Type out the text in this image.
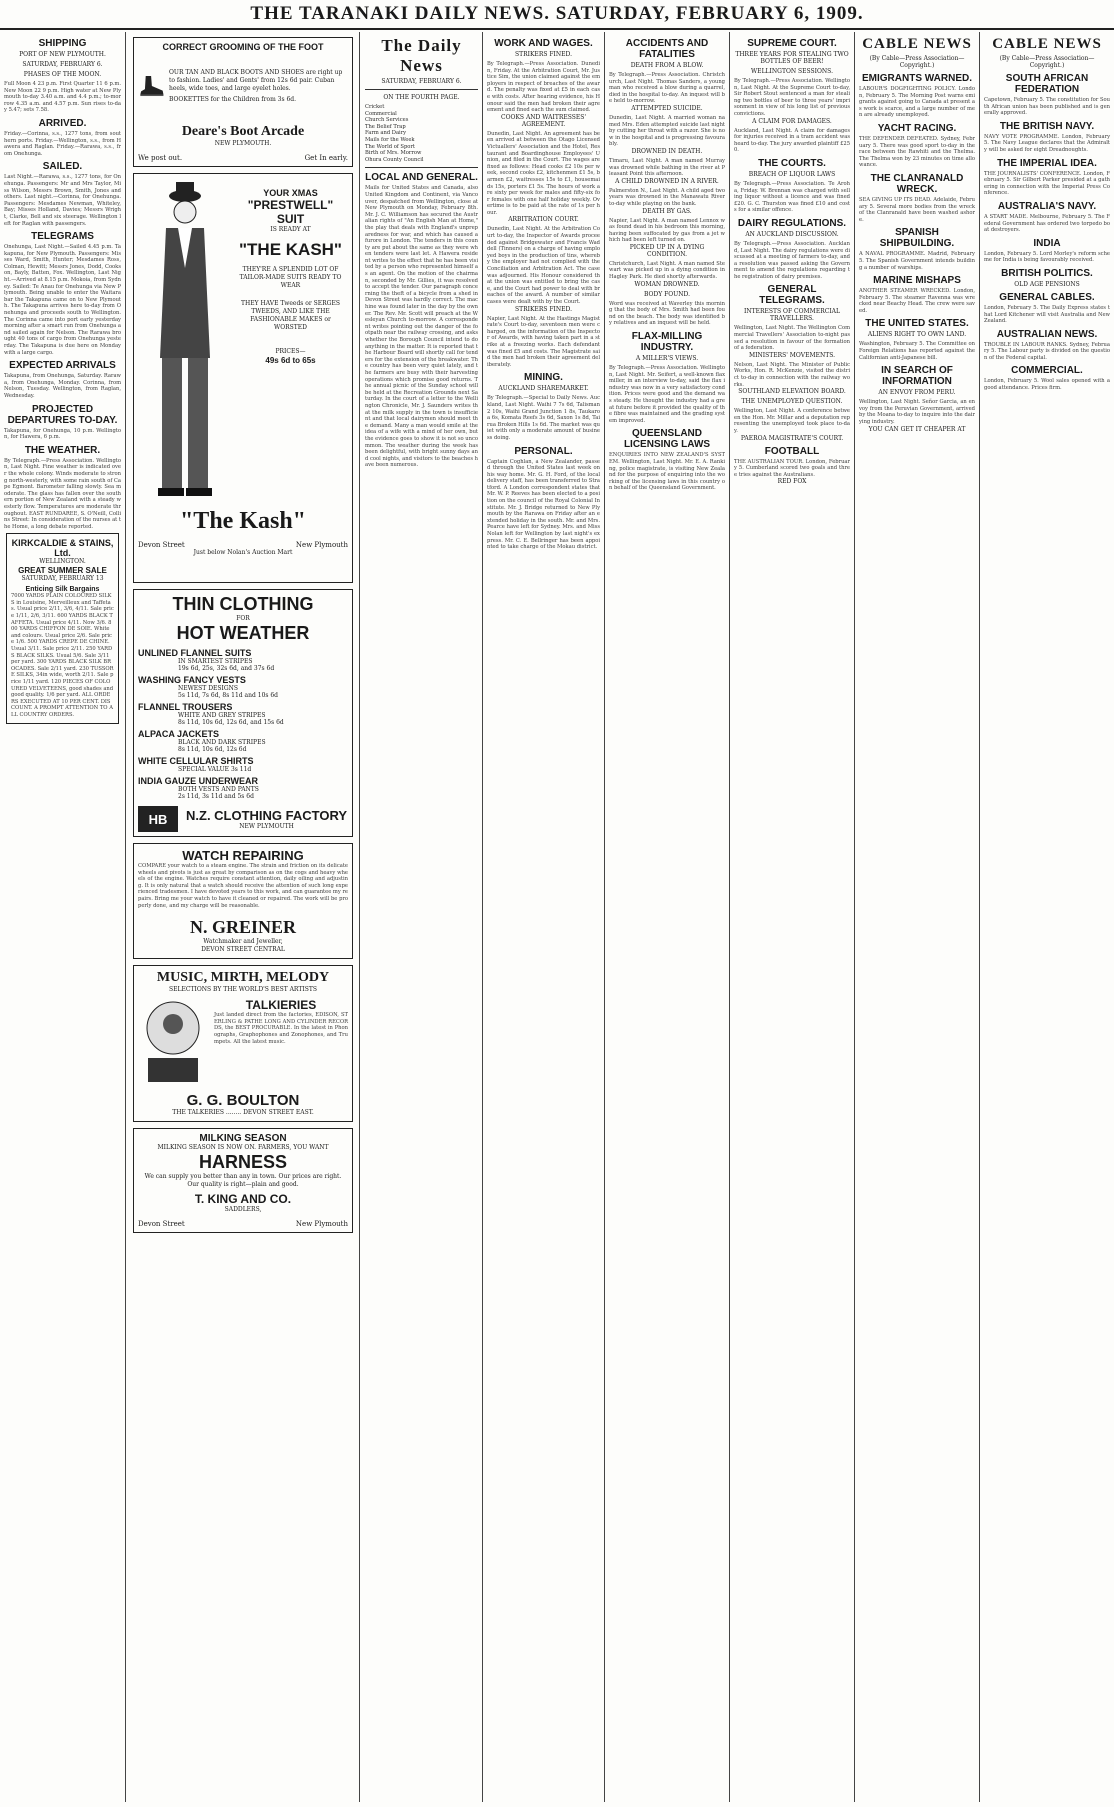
THE TARANAKI DAILY NEWS. SATURDAY, FEBRUARY 6, 1909.
SHIPPING
PORT OF NEW PLYMOUTH.
SATURDAY, FEBRUARY 6.
PHASES OF THE MOON.
Full Moon 4 23 p.m. First Quarter 11 6 p.m. New Moon 22 9 p.m. High water at New Plymouth to-day 3.40 a.m. and 4.4 p.m.; to-morrow 4.35 a.m. and 4.57 p.m. Sun rises to-day 5.47; sets 7.58.
ARRIVED.
Friday.—Corinna, s.s., 1277 tons, from southern ports. Friday.—Wellington, s.s., from Hawera and Raglan. Friday.—Rarawa, s.s., from Onehunga.
SAILED.
Last Night.—Rarawa, s.s., 1277 tons, for Onehunga. Passengers: Mr and Mrs Taylor, Miss Wilson, Messrs Brown, Smith, Jones and others. Last night.—Corinna, for Onehunga. Passengers: Mesdames Newman, Whiteley, Bay; Misses Holland, Davies; Messrs Wright, Clarke, Bell and six steerage. Wellington left for Raglan with passengers.
TELEGRAMS
Onehunga, Last Night.—Sailed 4.45 p.m. Takapuna, for New Plymouth. Passengers: Misses Ward, Smith, Hunter; Mesdames Ross, Colman, Hewitt; Messrs Jones, Dodd, Cookson, Bayly, Batten, Fox. Wellington, Last Night.—Arrived at 8.15 p.m. Mokoia, from Sydney. Sailed: Te Anau for Onehunga via New Plymouth. Being unable to enter the Waitara bar the Takapuna came on to New Plymouth. The Takapuna arrives here to-day from Onehunga and proceeds south to Wellington. The Corinna came into port early yesterday morning after a smart run from Onehunga and sailed again for Nelson. The Rarawa brought 40 tons of cargo from Onehunga yesterday. The Takapuna is due here on Monday with a large cargo.
EXPECTED ARRIVALS
Takapuna, from Onehunga, Saturday. Rarawa, from Onehunga, Monday. Corinna, from Nelson, Tuesday. Wellington, from Raglan, Wednesday.
PROJECTED DEPARTURES TO-DAY.
Takapuna, for Onehunga, 10 p.m. Wellington, for Hawera, 6 p.m.
THE WEATHER.
By Telegraph.—Press Association. Wellington, Last Night. Fine weather is indicated over the whole colony. Winds moderate to strong north-westerly, with some rain south of Cape Egmont. Barometer falling slowly. Sea moderate. The glass has fallen over the southern portion of New Zealand with a steady westerly flow. Temperatures are moderate throughout. EAST RUNDAREE, S. O'Neill, Collins Street: In consideration of the nurses at the Home, a long debate reported.
KIRKCALDIE & STAINS, Ltd.
WELLINGTON.
GREAT SUMMER SALE
SATURDAY, FEBRUARY 13
Enticing Silk Bargains
7000 YARDS PLAIN COLOURED SILKS in Louisine, Merveilleux and Taffetas. Usual price 2/11, 3/6, 4/11. Sale price 1/11, 2/6, 3/11. 600 YARDS BLACK TAFFETA. Usual price 4/11. Now 3/6. 800 YARDS CHIFFON DE SOIE. White and colours. Usual price 2/6. Sale price 1/6. 500 YARDS CREPE DE CHINE. Usual 3/11. Sale price 2/11. 250 YARDS BLACK SILKS. Usual 5/6. Sale 3/11 per yard. 300 YARDS BLACK SILK BROCADES. Sale 2/11 yard. 230 TUSSORE SILKS, 34in wide, worth 2/11. Sale price 1/11 yard. 120 PIECES OF COLOURED VELVETEENS, good shades and good quality. 1/6 per yard. ALL ORDERS EXECUTED AT 10 PER CENT. DISCOUNT. A PROMPT ATTENTION TO ALL COUNTRY ORDERS.
CORRECT GROOMING OF THE FOOT
OUR TAN AND BLACK BOOTS AND SHOES are right up to fashion. Ladies' and Gents' from 12s 6d pair. Cuban heels, wide toes, and large eyelet holes.
BOOKETTES for the Children from 3s 6d.
Deare's Boot Arcade
NEW PLYMOUTH.
We post out.	Get In early.
YOUR XMAS
"PRESTWELL"
SUIT
IS READY AT
"THE KASH"
THEY'RE A SPLENDID LOT OF TAILOR-MADE SUITS READY TO WEAR
THEY HAVE Tweeds or SERGES TWEEDS, AND LIKE THE FASHIONABLE MAKES or WORSTED
PRICES—
49s 6d to 65s
"The Kash"
Devon Street	New Plymouth
Just below Nolan's Auction Mart
THIN CLOTHING
FOR
HOT WEATHER
UNLINED FLANNEL SUITS
IN SMARTEST STRIPES
19s 6d, 25s, 32s 6d, and 37s 6d
WASHING FANCY VESTS
NEWEST DESIGNS
5s 11d, 7s 6d, 8s 11d and 10s 6d
FLANNEL TROUSERS
WHITE AND GREY STRIPES
8s 11d, 10s 6d, 12s 6d, and 15s 6d
ALPACA JACKETS
BLACK AND DARK STRIPES
8s 11d, 10s 6d, 12s 6d
WHITE CELLULAR SHIRTS
SPECIAL VALUE 3s 11d
INDIA GAUZE UNDERWEAR
BOTH VESTS AND PANTS
2s 11d, 3s 11d and 5s 6d
HB N.Z. CLOTHING FACTORY
NEW PLYMOUTH
WATCH REPAIRING
COMPARE your watch to a steam engine. The strain and friction on its delicate wheels and pivots is just as great by comparison as on the cogs and heavy wheels of the engine. Watches require constant attention, daily oiling and adjusting. It is only natural that a watch should receive the attention of such long experienced tradesmen. I have devoted years to this work, and can guarantee my repairs. Bring me your watch to have it cleaned or repaired. The work will be properly done, and my charge will be reasonable.
N. GREINER
Watchmaker and Jeweller,
DEVON STREET CENTRAL
MUSIC, MIRTH, MELODY
SELECTIONS BY THE WORLD'S BEST ARTISTS
TALKIERIES
Just landed direct from the factories, EDISON, STERLING & PATHE LONG AND CYLINDER RECORDS, the BEST PROCURABLE. In the latest in Phonographs, Graphophones and Zonophones, and Trumpets. All the latest music.
G. G. BOULTON
THE TALKERIES ........ DEVON STREET EAST.
MILKING SEASON
MILKING SEASON IS NOW ON. FARMERS, YOU WANT
HARNESS
We can supply you better than any in town. Our prices are right. Our quality is right—plain and good.
T. KING AND CO.
SADDLERS,
Devon Street	New Plymouth
The Daily News
SATURDAY, FEBRUARY 6.
ON THE FOURTH PAGE.
Cricket
Commercial
Church Services
The Belief Trap
Farm and Dairy
Mails for the Week
The World of Sport
Birth of Mrs. Morrow
Ohura County Council
LOCAL AND GENERAL.
Mails for United States and Canada, also United Kingdom and Continent, via Vancouver, despatched from Wellington, close at New Plymouth on Monday, February 8th. Mr. J. C. Williamson has secured the Australian rights of "An English Man at Home," the play that deals with England's unpreparedness for war, and which has caused a furore in London. The tenders in this county are put about the same as they were when tenders were last let. A Hawera resident writes to the effect that he has been visited by a person who represented himself as an agent. On the motion of the chairman, seconded by Mr. Gillies, it was resolved to accept the tender. Our paragraph concerning the theft of a bicycle from a shed in Devon Street was hardly correct. The machine was found later in the day by the owner. The Rev. Mr. Scott will preach at the Wesleyan Church to-morrow. A correspondent writes pointing out the danger of the footpath near the railway crossing, and asks whether the Borough Council intend to do anything in the matter. It is reported that the Harbour Board will shortly call for tenders for the extension of the breakwater. The country has been very quiet lately, and the farmers are busy with their harvesting operations which promise good returns. The annual picnic of the Sunday school will be held at the Recreation Grounds next Saturday. In the court of a letter to the Wellington Chronicle, Mr. J. Saunders writes that the milk supply in the town is insufficient and that local dairymen should meet the demand. Many a man would smile at the idea of a wife with a mind of her own, but the evidence goes to show it is not so uncommon. The weather during the week has been delightful, with bright sunny days and cool nights, and visitors to the beaches have been numerous.
WORK AND WAGES.
STRIKERS FINED.
By Telegraph.—Press Association. Dunedin, Friday. At the Arbitration Court, Mr. Justice Sim, the union claimed against the employers in respect of breaches of the award. The penalty was fixed at £5 in each case with costs. After hearing evidence, his Honour said the men had broken their agreement and fined each the sum claimed.
COOKS AND WAITRESSES' AGREEMENT.
Dunedin, Last Night. An agreement has been arrived at between the Otago Licensed Victuallers' Association and the Hotel, Restaurant and Boardinghouse Employees' Union, and filed in the Court. The wages are fixed as follows: Head cooks £2 10s per week, second cooks £2, kitchenmen £1 5s, barmen £2, waitresses 15s to £1, housemaids 15s, porters £1 5s. The hours of work are sixty per week for males and fifty-six for females with one half holiday weekly. Overtime is to be paid at the rate of 1s per hour.
ARBITRATION COURT.
Dunedin, Last Night. At the Arbitration Court to-day, the Inspector of Awards proceeded against Bridgewater and Francis Waddell (Tinners) on a charge of having employed boys in the production of tins, whereby the employer had not complied with the Conciliation and Arbitration Act. The case was adjourned. His Honour considered that the union was entitled to bring the case, and the Court had power to deal with breaches of the award. A number of similar cases were dealt with by the Court.
STRIKERS FINED.
Napier, Last Night. At the Hastings Magistrate's Court to-day, seventeen men were charged, on the information of the Inspector of Awards, with having taken part in a strike at a freezing works. Each defendant was fined £5 and costs. The Magistrate said the men had broken their agreement deliberately.
MINING.
AUCKLAND SHAREMARKET.
By Telegraph.—Special to Daily News. Auckland, Last Night. Waihi 7 7s 6d, Talisman 2 10s, Waihi Grand Junction 1 8s, Taukaroa 6s, Komata Reefs 3s 6d, Saxon 1s 8d, Tairua Broken Hills 1s 6d. The market was quiet with only a moderate amount of business doing.
PERSONAL.
Captain Coghlan, a New Zealander, passed through the United States last week on his way home. Mr. G. H. Ford, of the local delivery staff, has been transferred to Stratford. A London correspondent states that Mr. W. P. Reeves has been elected to a position on the council of the Royal Colonial Institute. Mr. J. Bridge returned to New Plymouth by the Rarawa on Friday after an extended holiday in the south. Mr. and Mrs. Pearce have left for Sydney. Mrs. and Miss Nolan left for Wellington by last night's express. Mr. C. E. Bellringer has been appointed to take charge of the Mokau district.
ACCIDENTS AND FATALITIES
DEATH FROM A BLOW.
By Telegraph.—Press Association. Christchurch, Last Night. Thomas Sanders, a young man who received a blow during a quarrel, died in the hospital to-day. An inquest will be held to-morrow.
ATTEMPTED SUICIDE.
Dunedin, Last Night. A married woman named Mrs. Eden attempted suicide last night by cutting her throat with a razor. She is now in the hospital and is progressing favourably.
DROWNED IN DEATH.
Timaru, Last Night. A man named Murray was drowned while bathing in the river at Pleasant Point this afternoon.
A CHILD DROWNED IN A RIVER.
Palmerston N., Last Night. A child aged two years was drowned in the Manawatu River to-day while playing on the bank.
DEATH BY GAS.
Napier, Last Night. A man named Lennox was found dead in his bedroom this morning, having been suffocated by gas from a jet which had been left turned on.
PICKED UP IN A DYING CONDITION.
Christchurch, Last Night. A man named Stewart was picked up in a dying condition in Hagley Park. He died shortly afterwards.
WOMAN DROWNED.
BODY FOUND.
Word was received at Waverley this morning that the body of Mrs. Smith had been found on the beach. The body was identified by relatives and an inquest will be held.
FLAX-MILLING INDUSTRY.
A MILLER'S VIEWS.
By Telegraph.—Press Association. Wellington, Last Night. Mr. Seifert, a well-known flax miller, in an interview to-day, said the flax industry was now in a very satisfactory condition. Prices were good and the demand was steady. He thought the industry had a great future before it provided the quality of the fibre was maintained and the grading system improved.
QUEENSLAND LICENSING LAWS
ENQUIRIES INTO NEW ZEALAND'S SYSTEM. Wellington, Last Night. Mr. E. A. Ranking, police magistrate, is visiting New Zealand for the purpose of enquiring into the working of the licensing laws in this country on behalf of the Queensland Government.
SUPREME COURT.
THREE YEARS FOR STEALING TWO BOTTLES OF BEER!
WELLINGTON SESSIONS.
By Telegraph.—Press Association. Wellington, Last Night. At the Supreme Court to-day, Sir Robert Stout sentenced a man for stealing two bottles of beer to three years' imprisonment in view of his long list of previous convictions.
A CLAIM FOR DAMAGES.
Auckland, Last Night. A claim for damages for injuries received in a tram accident was heard to-day. The jury awarded plaintiff £250.
THE COURTS.
BREACH OF LIQUOR LAWS
By Telegraph.—Press Association. Te Aroha, Friday. W. Brennan was charged with selling liquor without a licence and was fined £20. G. C. Thurston was fined £10 and costs for a similar offence.
DAIRY REGULATIONS.
AN AUCKLAND DISCUSSION.
By Telegraph.—Press Association. Auckland, Last Night. The dairy regulations were discussed at a meeting of farmers to-day, and a resolution was passed asking the Government to amend the regulations regarding the registration of dairy premises.
GENERAL TELEGRAMS.
INTERESTS OF COMMERCIAL TRAVELLERS.
Wellington, Last Night. The Wellington Commercial Travellers' Association to-night passed a resolution in favour of the formation of a federation.
MINISTERS' MOVEMENTS.
Nelson, Last Night. The Minister of Public Works, Hon. R. McKenzie, visited the district to-day in connection with the railway works.
SOUTHLAND ELEVATION BOARD.
THE UNEMPLOYED QUESTION.
Wellington, Last Night. A conference between the Hon. Mr. Millar and a deputation representing the unemployed took place to-day.
PAEROA MAGISTRATE'S COURT.
FOOTBALL
THE AUSTRALIAN TOUR. London, February 5. Cumberland scored two goals and three tries against the Australians.
RED FOX
CABLE NEWS
(By Cable—Press Association—Copyright.)
EMIGRANTS WARNED.
LABOUR'S DOGFIGHTING POLICY. London, February 5. The Morning Post warns emigrants against going to Canada at present as work is scarce, and a large number of men are already unemployed.
YACHT RACING.
THE DEFENDER DEFEATED. Sydney, February 5. There was good sport to-day in the race between the Rawhiti and the Thelma. The Thelma won by 23 minutes on time allowance.
THE CLANRANALD WRECK.
SEA GIVING UP ITS DEAD. Adelaide, February 5. Several more bodies from the wreck of the Clanranald have been washed ashore.
SPANISH SHIPBUILDING.
A NAVAL PROGRAMME. Madrid, February 5. The Spanish Government intends building a number of warships.
MARINE MISHAPS
ANOTHER STEAMER WRECKED. London, February 5. The steamer Ravenna was wrecked near Beachy Head. The crew were saved.
THE UNITED STATES.
ALIENS RIGHT TO OWN LAND.
Washington, February 5. The Committee on Foreign Relations has reported against the Californian anti-Japanese bill.
IN SEARCH OF INFORMATION
AN ENVOY FROM PERU.
Wellington, Last Night. Señor Garcia, an envoy from the Peruvian Government, arrived by the Moana to-day to inquire into the dairying industry.
YOU CAN GET IT CHEAPER AT
CABLE NEWS
(By Cable—Press Association—Copyright.)
SOUTH AFRICAN FEDERATION
Capetown, February 5. The constitution for South African union has been published and is generally approved.
THE BRITISH NAVY.
NAVY VOTE PROGRAMME. London, February 5. The Navy League declares that the Admiralty will be asked for eight Dreadnoughts.
THE IMPERIAL IDEA.
THE JOURNALISTS' CONFERENCE. London, February 5. Sir Gilbert Parker presided at a gathering in connection with the Imperial Press Conference.
AUSTRALIA'S NAVY.
A START MADE. Melbourne, February 5. The Federal Government has ordered two torpedo boat destroyers.
INDIA
London, February 5. Lord Morley's reform scheme for India is being favourably received.
BRITISH POLITICS.
OLD AGE PENSIONS
GENERAL CABLES.
London, February 5. The Daily Express states that Lord Kitchener will visit Australia and New Zealand.
AUSTRALIAN NEWS.
TROUBLE IN LABOUR RANKS. Sydney, February 5. The Labour party is divided on the question of the Federal capital.
COMMERCIAL.
London, February 5. Wool sales opened with a good attendance. Prices firm.
